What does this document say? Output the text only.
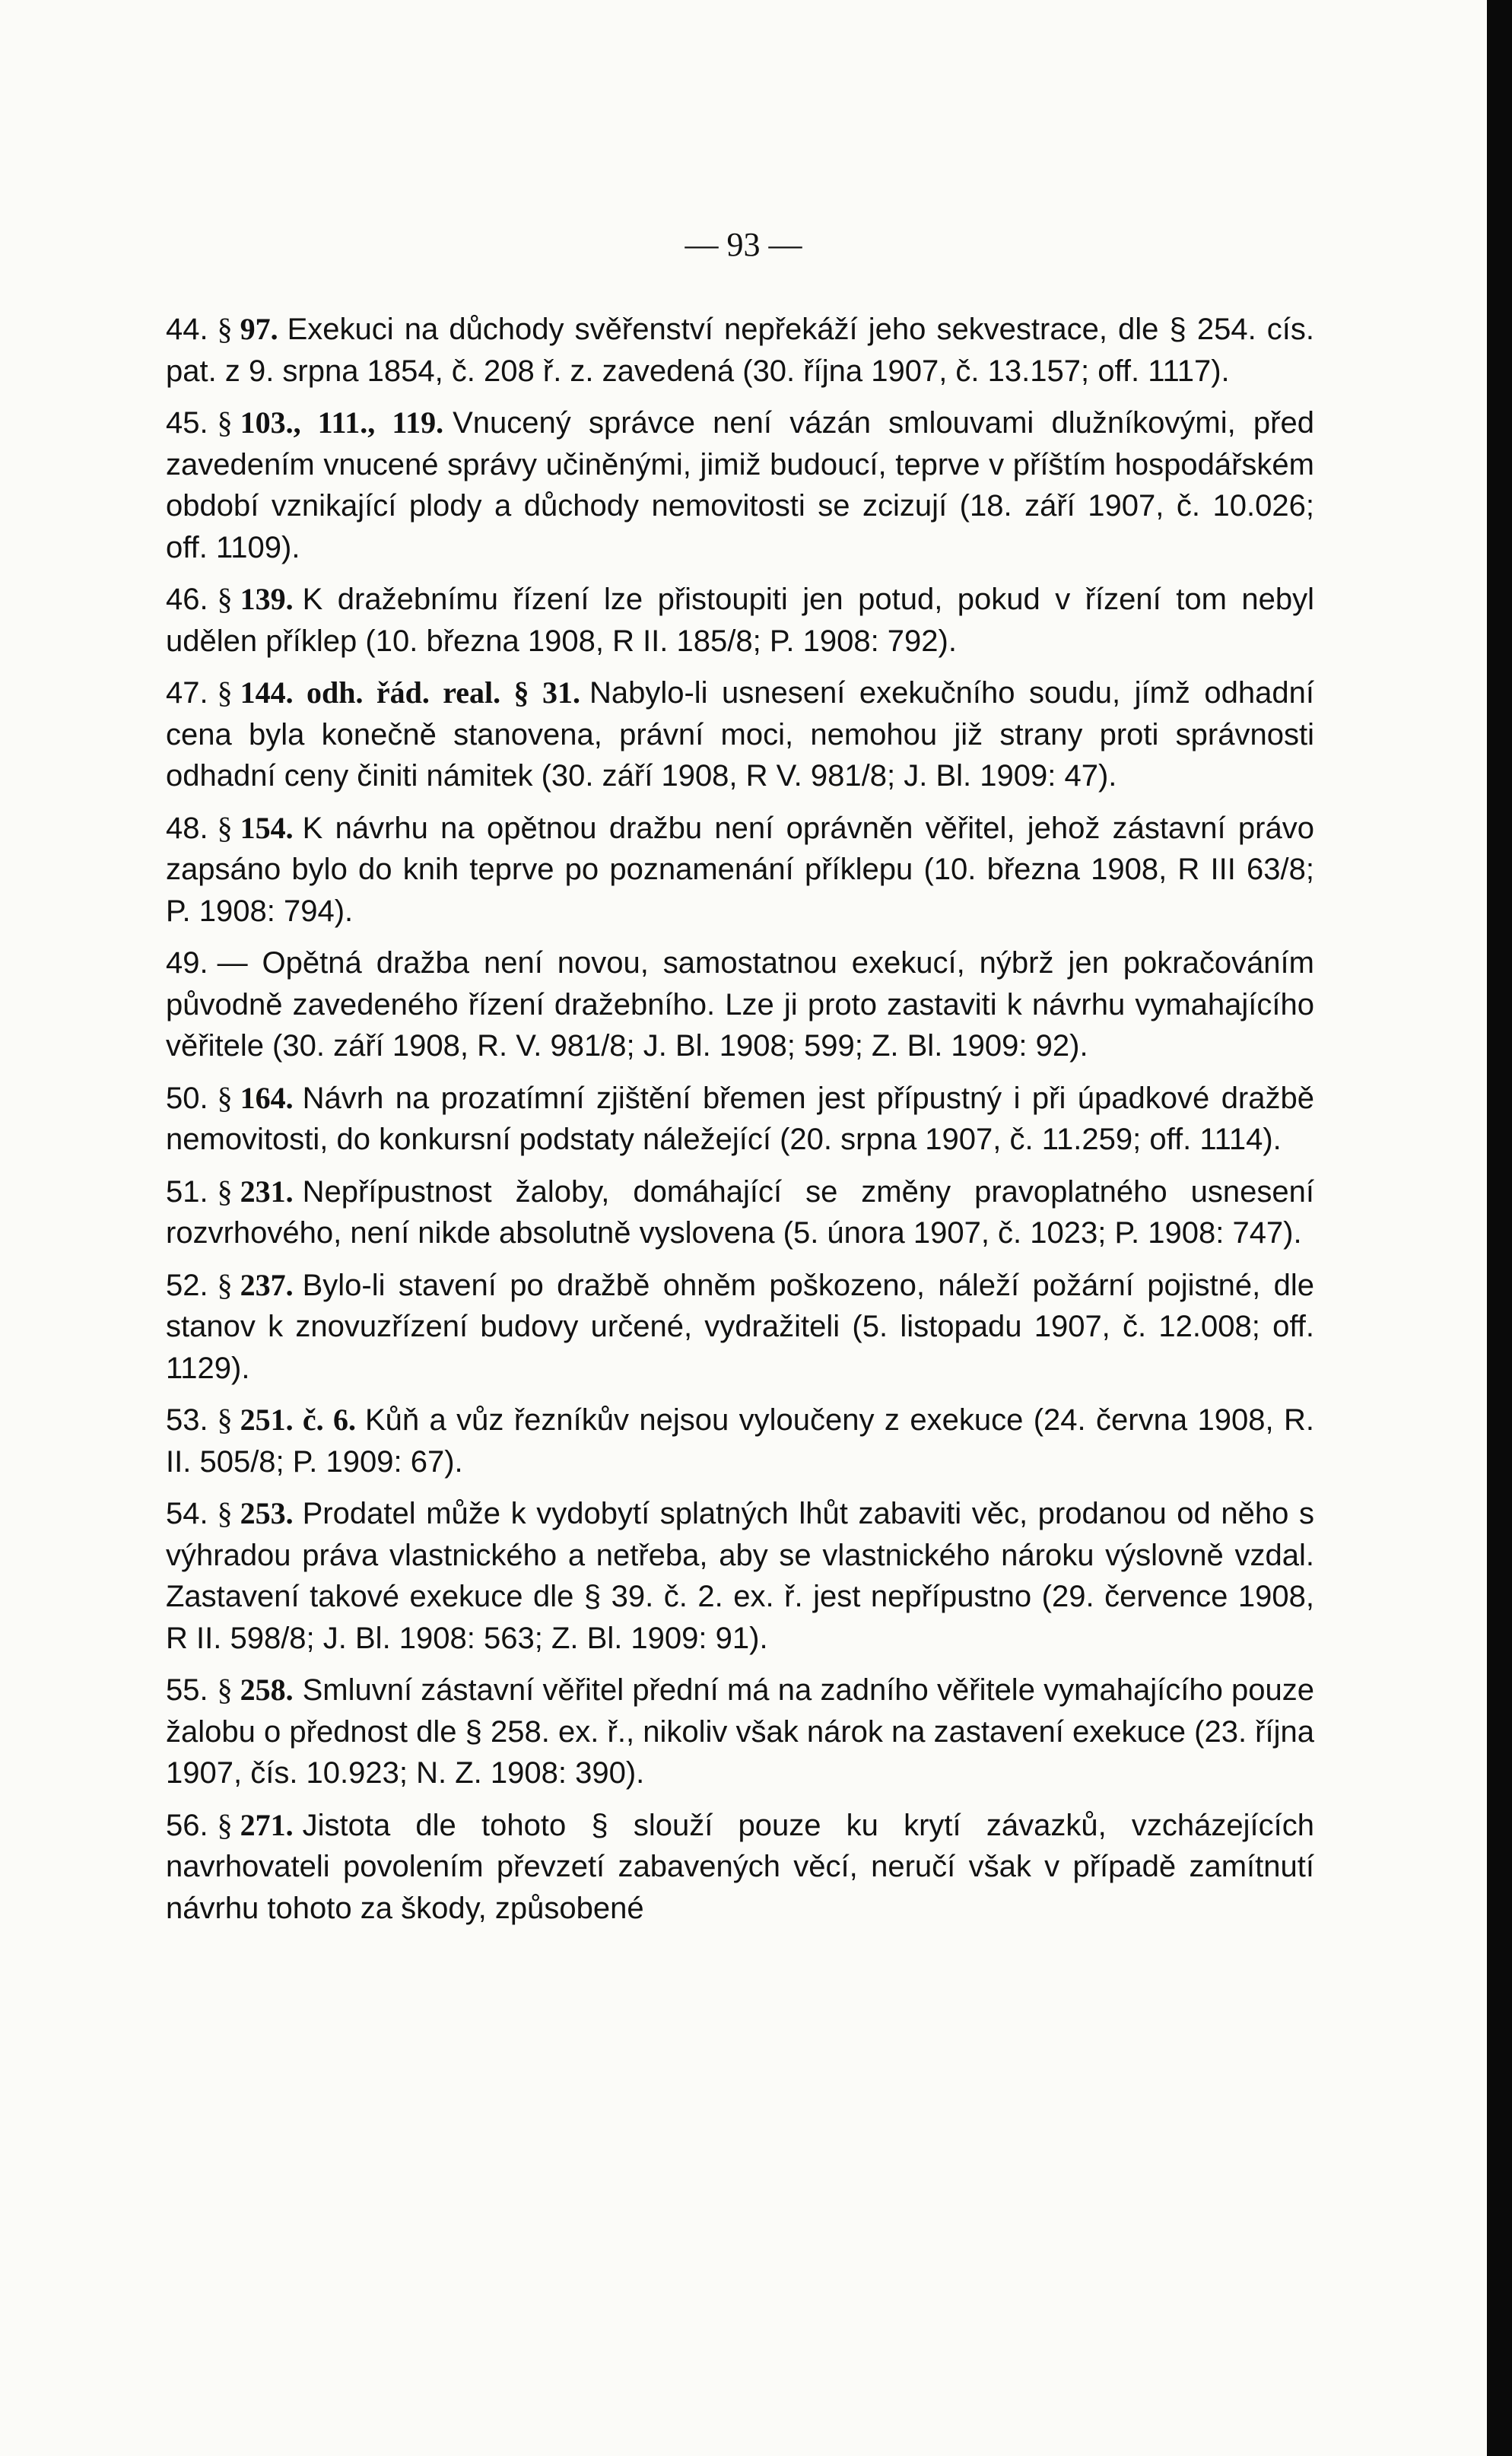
— 93 —

44. § 97. Exekuci na důchody svěřenství nepřekáží jeho sekvestrace, dle § 254. cís. pat. z 9. srpna 1854, č. 208 ř. z. zavedená (30. října 1907, č. 13.157; off. 1117).

45. § 103., 111., 119. Vnucený správce není vázán smlouvami dlužníkovými, před zavedením vnucené správy učiněnými, jimiž budoucí, teprve v příštím hospodářském období vznikající plody a důchody nemovitosti se zcizují (18. září 1907, č. 10.026; off. 1109).

46. § 139. K dražebnímu řízení lze přistoupiti jen potud, pokud v řízení tom nebyl udělen příklep (10. března 1908, R II. 185/8; P. 1908: 792).

47. § 144. odh. řád. real. § 31. Nabylo-li usnesení exekučního soudu, jímž odhadní cena byla konečně stanovena, právní moci, nemohou již strany proti správnosti odhadní ceny činiti námitek (30. září 1908, R V. 981/8; J. Bl. 1909: 47).

48. § 154. K návrhu na opětnou dražbu není oprávněn věřitel, jehož zástavní právo zapsáno bylo do knih teprve po poznamenání příklepu (10. března 1908, R III 63/8; P. 1908: 794).

49. — Opětná dražba není novou, samostatnou exekucí, nýbrž jen pokračováním původně zavedeného řízení dražebního. Lze ji proto zastaviti k návrhu vymahajícího věřitele (30. září 1908, R. V. 981/8; J. Bl. 1908; 599; Z. Bl. 1909: 92).

50. § 164. Návrh na prozatímní zjištění břemen jest přípustný i při úpadkové dražbě nemovitosti, do konkursní podstaty náležející (20. srpna 1907, č. 11.259; off. 1114).

51. § 231. Nepřípustnost žaloby, domáhající se změny pravoplatného usnesení rozvrhového, není nikde absolutně vyslovena (5. února 1907, č. 1023; P. 1908: 747).

52. § 237. Bylo-li stavení po dražbě ohněm poškozeno, náleží požární pojistné, dle stanov k znovuzřízení budovy určené, vydražiteli (5. listopadu 1907, č. 12.008; off. 1129).

53. § 251. č. 6. Kůň a vůz řezníkův nejsou vyloučeny z exekuce (24. června 1908, R. II. 505/8; P. 1909: 67).

54. § 253. Prodatel může k vydobytí splatných lhůt zabaviti věc, prodanou od něho s výhradou práva vlastnického a netřeba, aby se vlastnického nároku výslovně vzdal. Zastavení takové exekuce dle § 39. č. 2. ex. ř. jest nepřípustno (29. července 1908, R II. 598/8; J. Bl. 1908: 563; Z. Bl. 1909: 91).

55. § 258. Smluvní zástavní věřitel přední má na zadního věřitele vymahajícího pouze žalobu o přednost dle § 258. ex. ř., nikoliv však nárok na zastavení exekuce (23. října 1907, čís. 10.923; N. Z. 1908: 390).

56. § 271. Jistota dle tohoto § slouží pouze ku krytí závazků, vzcházejících navrhovateli povolením převzetí zabavených věcí, neručí však v případě zamítnutí návrhu tohoto za škody, způsobené
